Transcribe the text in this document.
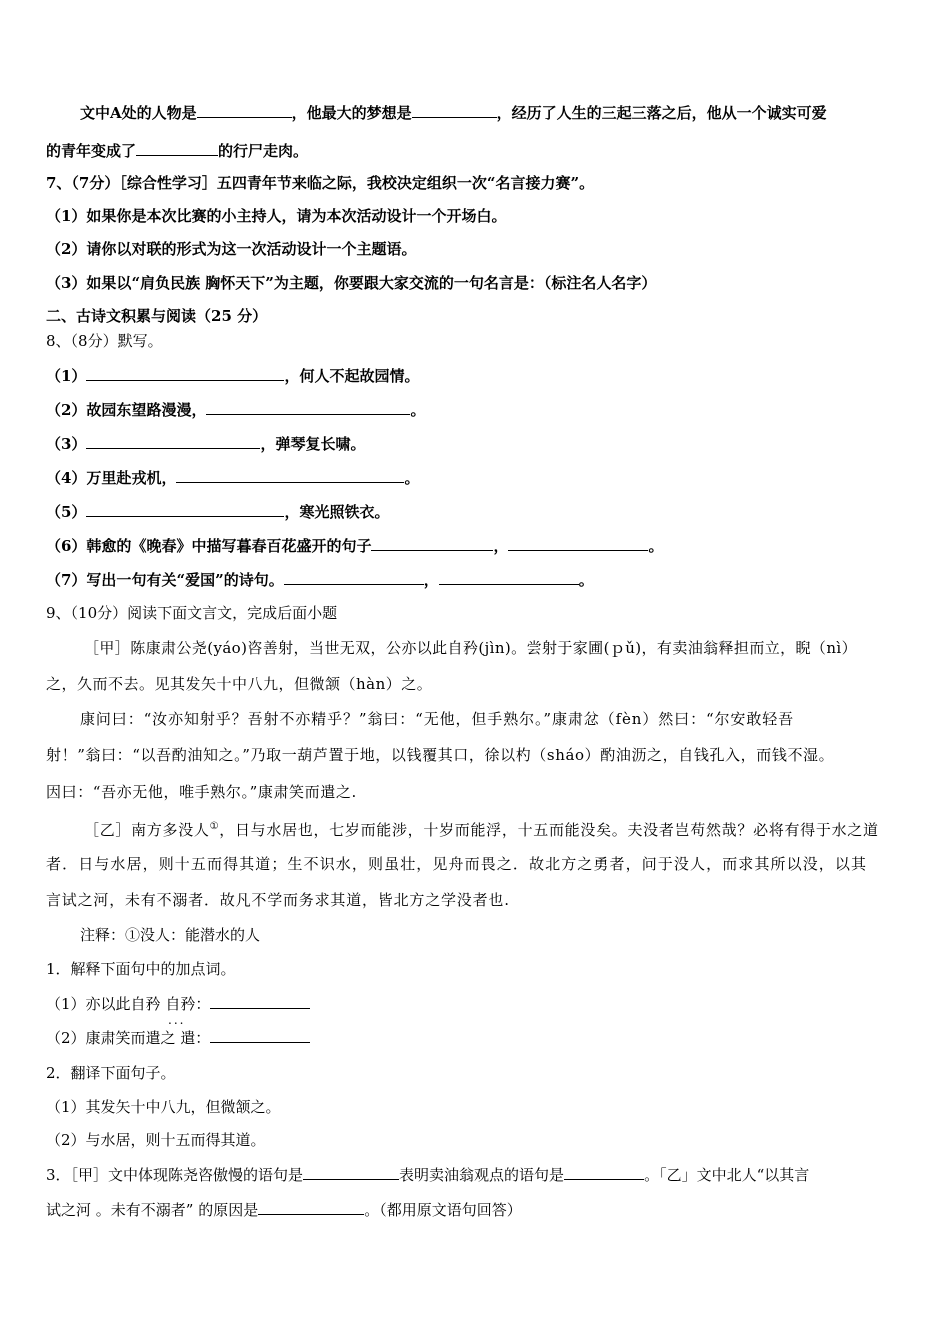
文中A处的人物是	，他最大的梦想是	，经历了人生的三起三落之后，他从一个诚实可爱
的青年变成了	的行尸走肉。
7、（7分）［综合性学习］五四青年节来临之际，我校决定组织一次“名言接力赛”。
（1）如果你是本次比赛的小主持人，请为本次活动设计一个开场白。
（2）请你以对联的形式为这一次活动设计一个主题语。
（3）如果以“肩负民族 胸怀天下”为主题，你要跟大家交流的一句名言是：（标注名人名字）
二、古诗文积累与阅读（25 分）
8、（8分）默写。
（1）	，何人不起故园情。
（2）故园东望路漫漫，	。
（3）	，弹琴复长啸。
（4）万里赴戎机，	。
（5）	，寒光照铁衣。
（6）韩愈的《晚春》中描写暮春百花盛开的句子	，	。
（7）写出一句有关“爱国”的诗句。	，	。
9、（10分）阅读下面文言文，完成后面小题
［甲］陈康肃公尧(yáo)咨善射，当世无双，公亦以此自矜(jìn)。尝射于家圃(ｐǔ)，有卖油翁释担而立，睨（nì）
之，久而不去。见其发矢十中八九，但微颔（hàn）之。
康问曰：“汝亦知射乎？吾射不亦精乎？”翁曰：“无他，但手熟尔。”康肃忿（fèn）然曰：“尔安敢轻吾
射！”翁曰：“以吾酌油知之。”乃取一葫芦置于地，以钱覆其口，徐以杓（sháo）酌油沥之，自钱孔入，而钱不湿。
因曰：“吾亦无他，唯手熟尔。”康肃笑而遣之.
［乙］南方多没人①，日与水居也，七岁而能涉，十岁而能浮，十五而能没矣。夫没者岂苟然哉？必将有得于水之道
者．日与水居，则十五而得其道；生不识水，则虽壮，见舟而畏之．故北方之勇者，问于没人，而求其所以没，以其
言试之河，未有不溺者．故凡不学而务求其道，皆北方之学没者也.
注释：①没人：能潜水的人
1．解释下面句中的加点词。
（1）亦以此自矜
...
自矜：
（2）康肃笑而遣之 遣：
2．翻译下面句子。
（1）其发矢十中八九，但微颔之。
（2）与水居，则十五而得其道。
3．［甲］文中体现陈尧咨傲慢的语句是	表明卖油翁观点的语句是	。「乙」文中北人“以其言
试之河 。未有不溺者” 的原因是	。（都用原文语句回答）
